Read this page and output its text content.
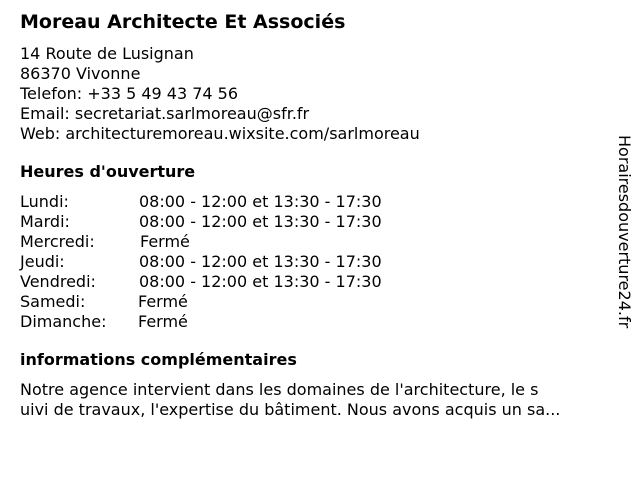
Moreau Architecte Et Associés
14 Route de Lusignan
86370 Vivonne
Telefon: +33 5 49 43 74 56
Email: secretariat.sarlmoreau@sfr.fr
Web: architecturemoreau.wixsite.com/sarlmoreau
Heures d'ouverture
Lundi:	08:00 - 12:00 et 13:30 - 17:30
Mardi:	08:00 - 12:00 et 13:30 - 17:30
Mercredi:	Fermé
Jeudi:	08:00 - 12:00 et 13:30 - 17:30
Vendredi:	08:00 - 12:00 et 13:30 - 17:30
Samedi:	Fermé
Dimanche: Fermé
informations complémentaires
Notre agence intervient dans les domaines de l'architecture, le s
uivi de travaux, l'expertise du bâtiment. Nous avons acquis un sa...
Horairesdouverture24.fr
